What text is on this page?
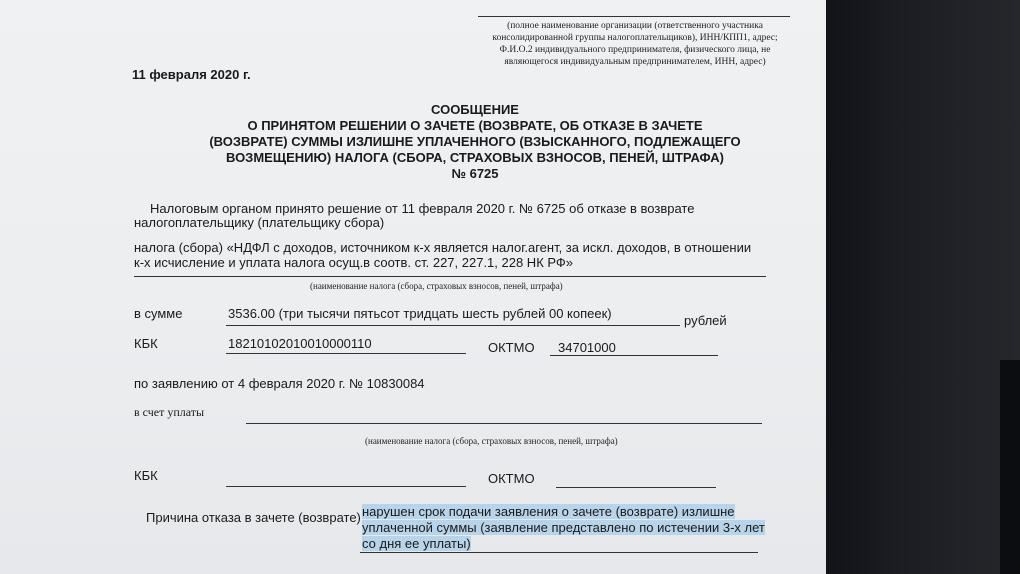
(полное наименование организации (ответственного участника
консолидированной группы налогоплательщиков), ИНН/КПП1, адрес;
Ф.И.О.2 индивидуального предпринимателя, физического лица, не
являющегося индивидуальным предпринимателем, ИНН, адрес)
11 февраля 2020 г.
СООБЩЕНИЕ
О ПРИНЯТОМ РЕШЕНИИ О ЗАЧЕТЕ (ВОЗВРАТЕ, ОБ ОТКАЗЕ В ЗАЧЕТЕ
(ВОЗВРАТЕ) СУММЫ ИЗЛИШНЕ УПЛАЧЕННОГО (ВЗЫСКАННОГО, ПОДЛЕЖАЩЕГО
ВОЗМЕЩЕНИЮ) НАЛОГА (СБОРА, СТРАХОВЫХ ВЗНОСОВ, ПЕНЕЙ, ШТРАФА)
№ 6725
Налоговым органом принято решение от 11 февраля 2020 г. № 6725 об отказе в возврате
налогоплательщику (плательщику сбора)
налога (сбора) «НДФЛ с доходов, источником к-х является налог.агент, за искл. доходов, в отношении
к-х исчисление и уплата налога осущ.в соотв. ст. 227, 227.1, 228 НК РФ»
(наименование налога (сбора, страховых взносов, пеней, штрафа)
в сумме	3536.00 (три тысячи пятьсот тридцать шесть рублей 00 копеек)	рублей
КБК	18210102010010000110	ОКТМО 34701000
по заявлению от 4 февраля 2020 г. № 10830084
в счет уплаты
(наименование налога (сбора, страховых взносов, пеней, штрафа)
КБК	ОКТМО
Причина отказа в зачете (возврате) нарушен срок подачи заявления о зачете (возврате) излишне
уплаченной суммы (заявление представлено по истечении 3-х лет
со дня ее уплаты)
